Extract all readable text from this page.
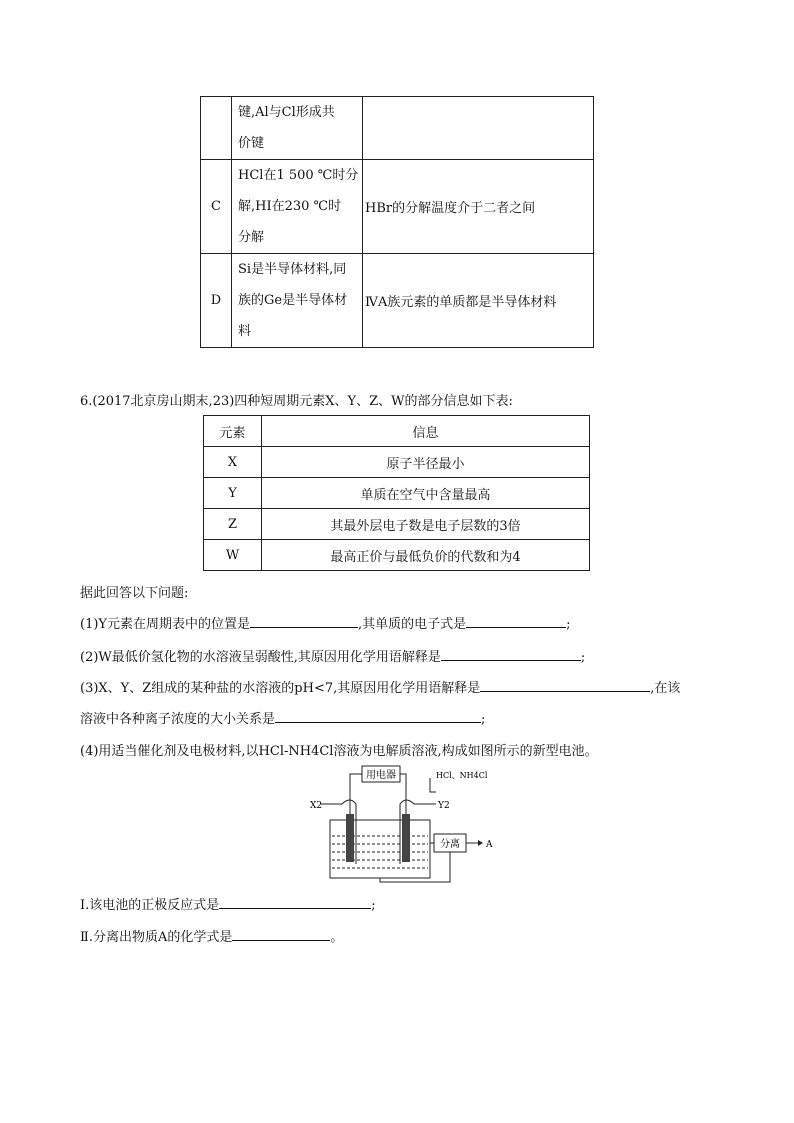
	键,Al与Cl形成共
价键	

C	HCl在1 500 ℃时分
解,HI在230 ℃时
分解	HBr的分解温度介于二者之间
D	Si是半导体材料,同
族的Ge是半导体材
料	ⅣA族元素的单质都是半导体材料
6.(2017北京房山期末,23)四种短周期元素X、Y、Z、W的部分信息如下表:
元素	信息
X	原子半径最小
Y	单质在空气中含量最高
Z	其最外层电子数是电子层数的3倍
W	最高正价与最低负价的代数和为4
据此回答以下问题:
(1)Y元素在周期表中的位置是	,其单质的电子式是	;
(2)W最低价氢化物的水溶液呈弱酸性,其原因用化学用语解释是	;
(3)X、Y、Z组成的某种盐的水溶液的pH<7,其原因用化学用语解释是	,在该
溶液中各种离子浓度的大小关系是	;
(4)用适当催化剂及电极材料,以HCl-NH4Cl溶液为电解质溶液,构成如图所示的新型电池。
用电器	HCl、NH4Cl
X2	Y2
分离	A
Ⅰ.该电池的正极反应式是	;
Ⅱ.分离出物质A的化学式是	。
